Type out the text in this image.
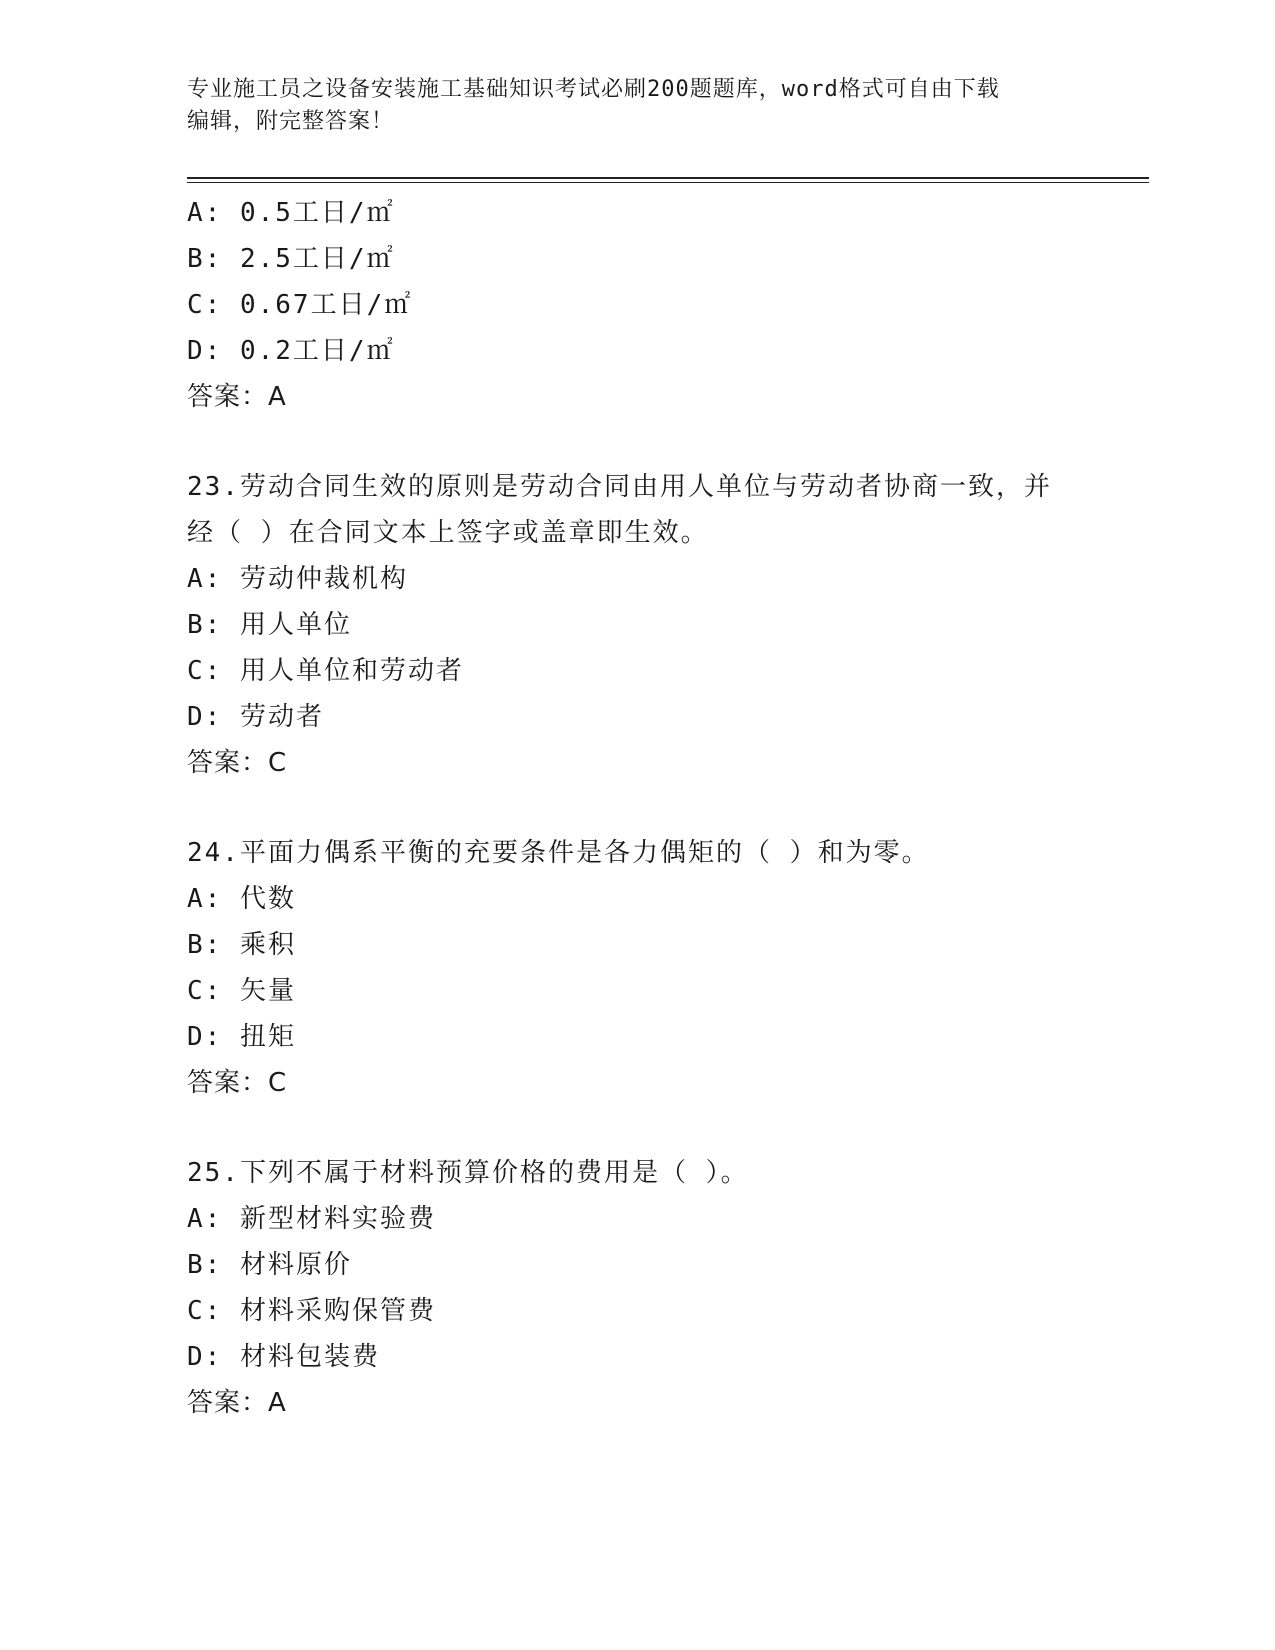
专业施工员之设备安装施工基础知识考试必刷200题题库，word格式可自由下载
编辑，附完整答案！
A: 0.5工日/㎡
B: 2.5工日/㎡
C: 0.67工日/㎡
D: 0.2工日/㎡
答案：A
23.劳动合同生效的原则是劳动合同由用人单位与劳动者协商一致，并
经（ ）在合同文本上签字或盖章即生效。
A: 劳动仲裁机构
B: 用人单位
C: 用人单位和劳动者
D: 劳动者
答案：C
24.平面力偶系平衡的充要条件是各力偶矩的（ ）和为零。
A: 代数
B: 乘积
C: 矢量
D: 扭矩
答案：C
25.下列不属于材料预算价格的费用是（ ）。
A: 新型材料实验费
B: 材料原价
C: 材料采购保管费
D: 材料包装费
答案：A
